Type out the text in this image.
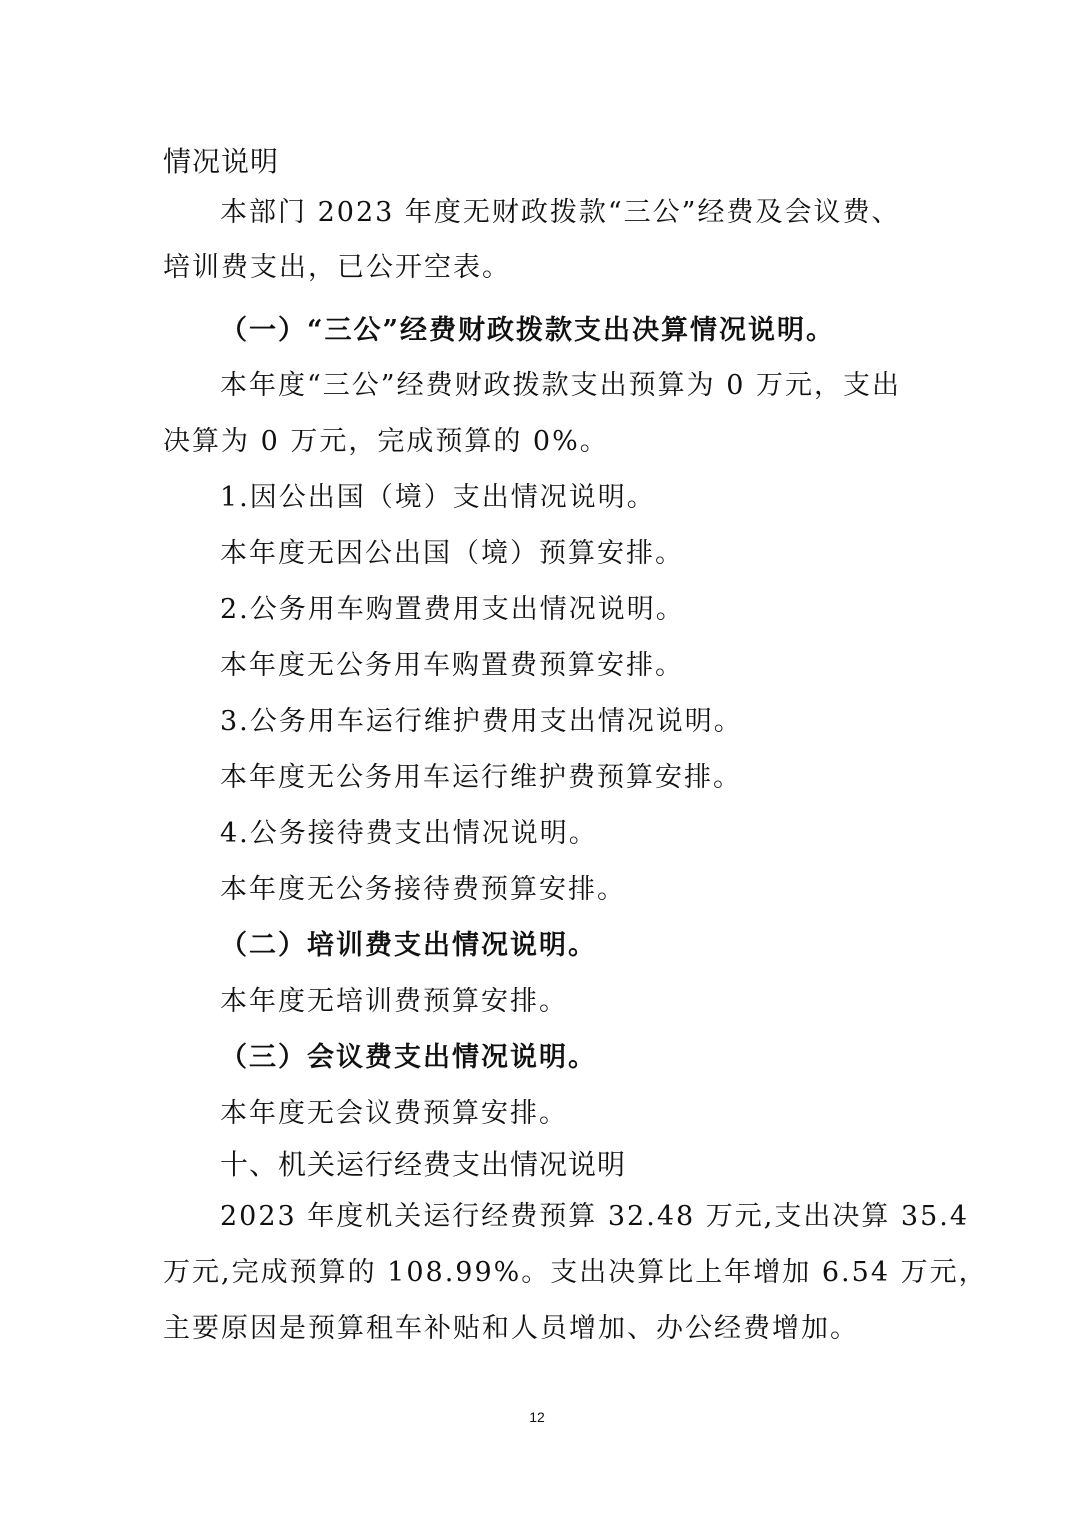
情况说明
本部门 2023 年度无财政拨款“三公”经费及会议费、
培训费支出，已公开空表。
（一）“三公”经费财政拨款支出决算情况说明。
本年度“三公”经费财政拨款支出预算为 0 万元，支出
决算为 0 万元，完成预算的 0%。
1.因公出国（境）支出情况说明。
本年度无因公出国（境）预算安排。
2.公务用车购置费用支出情况说明。
本年度无公务用车购置费预算安排。
3.公务用车运行维护费用支出情况说明。
本年度无公务用车运行维护费预算安排。
4.公务接待费支出情况说明。
本年度无公务接待费预算安排。
（二）培训费支出情况说明。
本年度无培训费预算安排。
（三）会议费支出情况说明。
本年度无会议费预算安排。
十、机关运行经费支出情况说明
2023 年度机关运行经费预算 32.48 万元,支出决算 35.4
万元,完成预算的 108.99%。支出决算比上年增加 6.54 万元，
主要原因是预算租车补贴和人员增加、办公经费增加。
12
